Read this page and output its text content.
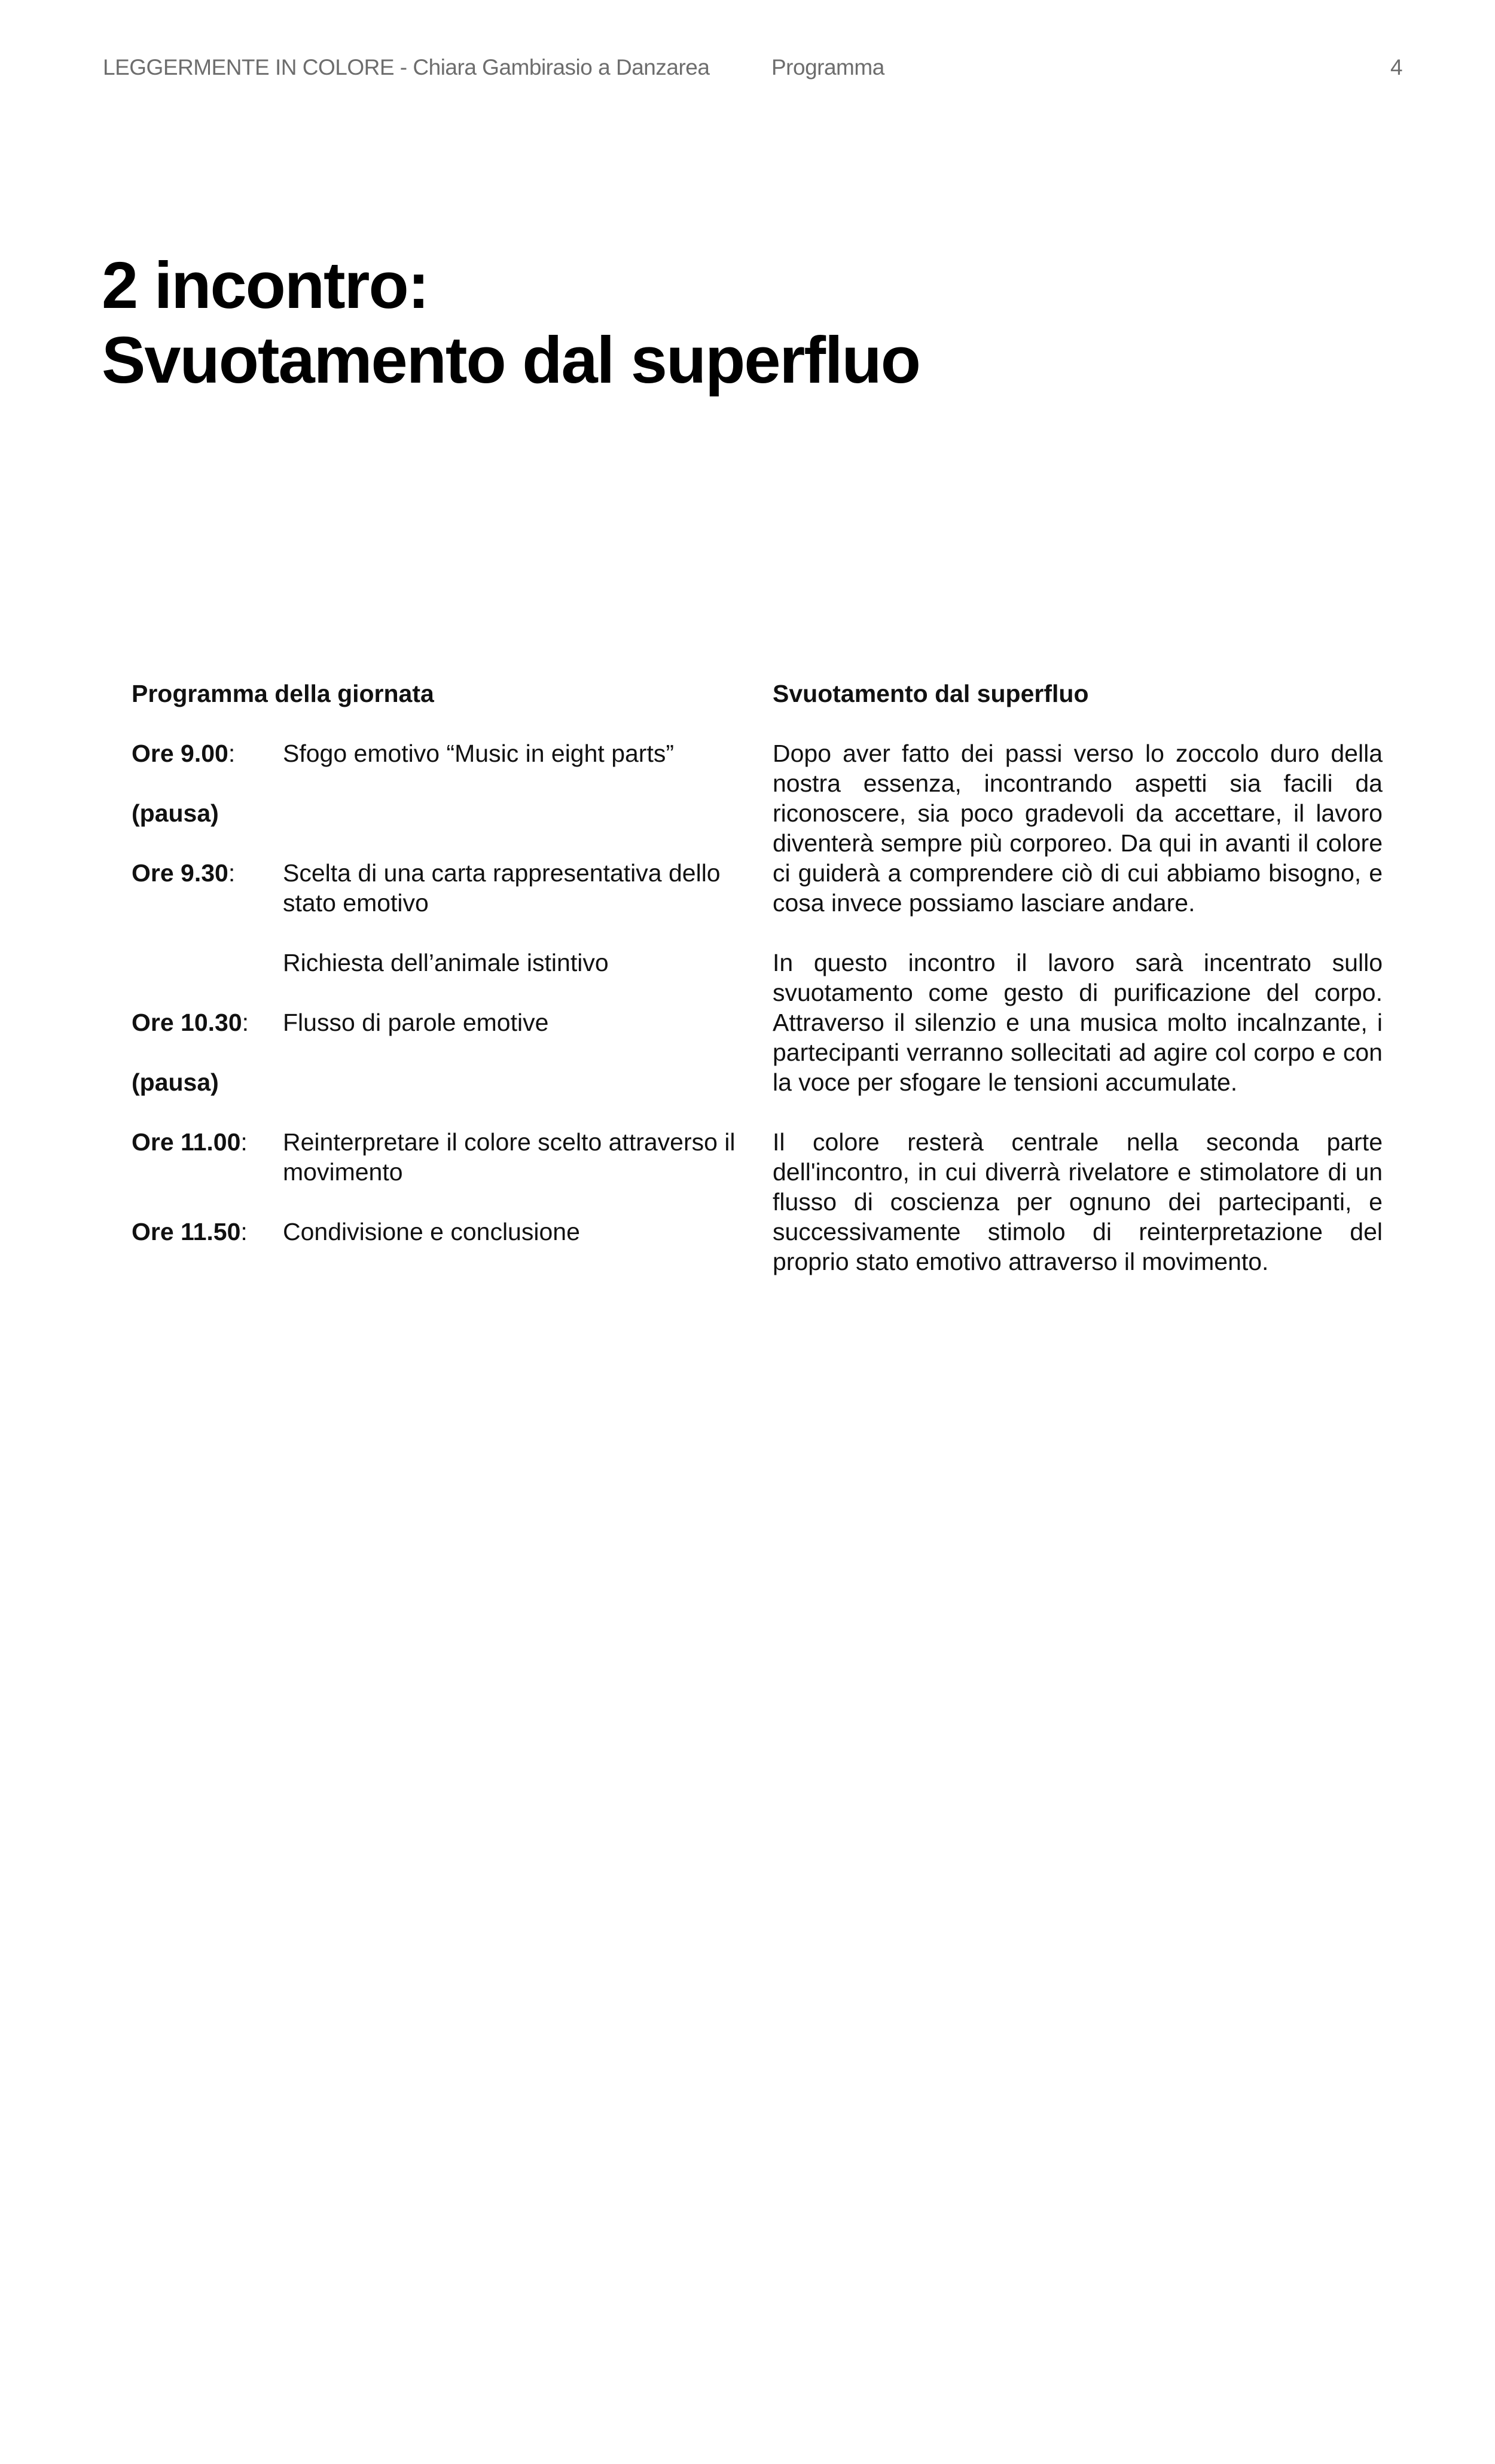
LEGGERMENTE IN COLORE - Chiara Gambirasio a Danzarea	Programma	4
2 incontro:
Svuotamento dal superfluo
Programma della giornata
Ore 9.00:	Sfogo emotivo “Music in eight parts”
(pausa)
Ore 9.30:	Scelta di una carta rappresentativa dello stato emotivo
Richiesta dell’animale istintivo
Ore 10.30:	Flusso di parole emotive
(pausa)
Ore 11.00:	Reinterpretare il colore scelto attraverso il movimento
Ore 11.50:	Condivisione e conclusione
Svuotamento dal superfluo

Dopo aver fatto dei passi verso lo zoccolo duro della nostra essenza, incontrando aspetti sia facili da riconoscere, sia poco gradevoli da accettare, il lavoro diventerà sempre più corporeo. Da qui in avanti il colore ci guiderà a comprendere ciò di cui abbiamo bisogno, e cosa invece possiamo lasciare andare.

In questo incontro il lavoro sarà incentrato sullo svuotamento come gesto di purificazione del corpo. Attraverso il silenzio e una musica molto incalnzante, i partecipanti verranno sollecitati ad agire col corpo e con la voce per sfogare le tensioni accumulate.

Il colore resterà centrale nella seconda parte dell'incontro, in cui diverrà rivelatore e stimolatore di un flusso di coscienza per ognuno dei partecipanti, e successivamente stimolo di reinterpretazione del proprio stato emotivo attraverso il movimento.
